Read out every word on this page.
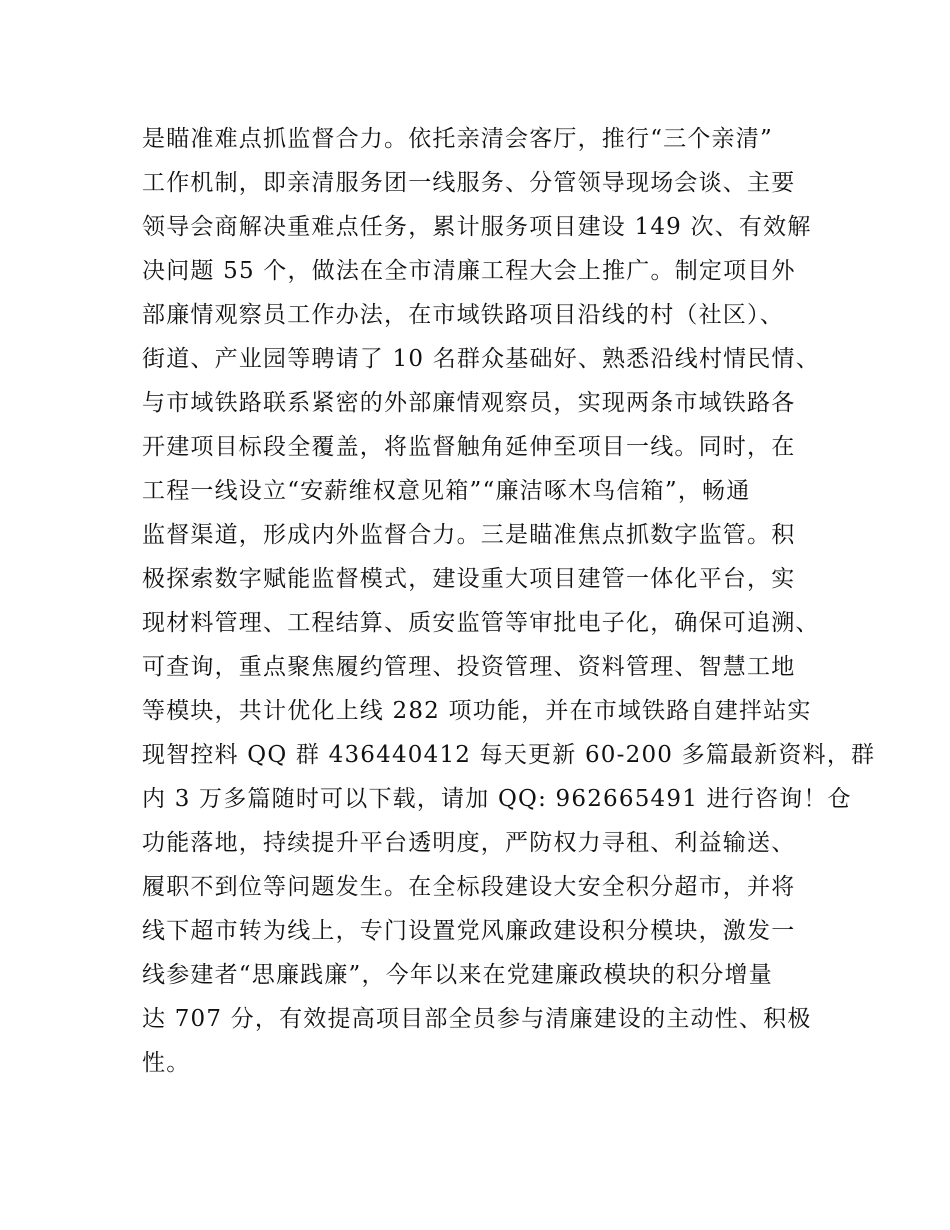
是瞄准难点抓监督合力。依托亲清会客厅，推行“三个亲清”
工作机制，即亲清服务团一线服务、分管领导现场会谈、主要
领导会商解决重难点任务，累计服务项目建设 149 次、有效解
决问题 55 个，做法在全市清廉工程大会上推广。制定项目外
部廉情观察员工作办法，在市域铁路项目沿线的村（社区）、
街道、产业园等聘请了 10 名群众基础好、熟悉沿线村情民情、
与市域铁路联系紧密的外部廉情观察员，实现两条市域铁路各
开建项目标段全覆盖，将监督触角延伸至项目一线。同时，在
工程一线设立“安薪维权意见箱”“廉洁啄木鸟信箱”，畅通
监督渠道，形成内外监督合力。三是瞄准焦点抓数字监管。积
极探索数字赋能监督模式，建设重大项目建管一体化平台，实
现材料管理、工程结算、质安监管等审批电子化，确保可追溯、
可查询，重点聚焦履约管理、投资管理、资料管理、智慧工地
等模块，共计优化上线 282 项功能，并在市域铁路自建拌站实
现智控料 QQ 群 436440412 每天更新 60-200 多篇最新资料，群
内 3 万多篇随时可以下载，请加 QQ: 962665491 进行咨询！仓
功能落地，持续提升平台透明度，严防权力寻租、利益输送、
履职不到位等问题发生。在全标段建设大安全积分超市，并将
线下超市转为线上，专门设置党风廉政建设积分模块，激发一
线参建者“思廉践廉”，今年以来在党建廉政模块的积分增量
达 707 分，有效提高项目部全员参与清廉建设的主动性、积极
性。
